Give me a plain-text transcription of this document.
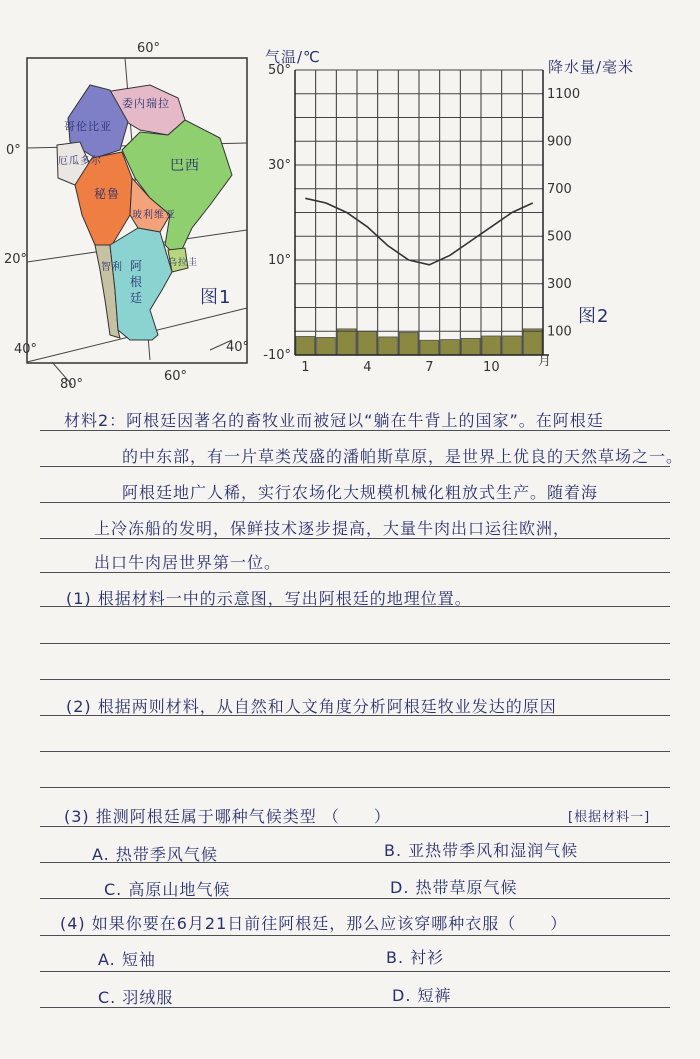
60°
0°
20°
40°	40°
80°
60°
委内瑞拉
哥伦比亚
厄瓜多尔
秘鲁
巴西
玻利维亚
乌拉圭
智利 阿根廷	图1
50°
30°
10°
-10°
1100
900
700
500
300
100
1	4	7	10
气温/℃
降水量/毫米
图2
月
材料2：阿根廷因著名的畜牧业而被冠以“躺在牛背上的国家”。在阿根廷
的中东部，有一片草类茂盛的潘帕斯草原，是世界上优良的天然草场之一。
阿根廷地广人稀，实行农场化大规模机械化粗放式生产。随着海
上冷冻船的发明，保鲜技术逐步提高，大量牛肉出口运往欧洲，
出口牛肉居世界第一位。
(1) 根据材料一中的示意图，写出阿根廷的地理位置。
(2) 根据两则材料，从自然和人文角度分析阿根廷牧业发达的原因
(3) 推测阿根廷属于哪种气候类型 （　　）	[根据材料一]
A. 热带季风气候	B. 亚热带季风和湿润气候
C. 高原山地气候	D. 热带草原气候
(4) 如果你要在6月21日前往阿根廷，那么应该穿哪种衣服（　　）
A. 短袖	B. 衬衫
C. 羽绒服	D. 短裤
